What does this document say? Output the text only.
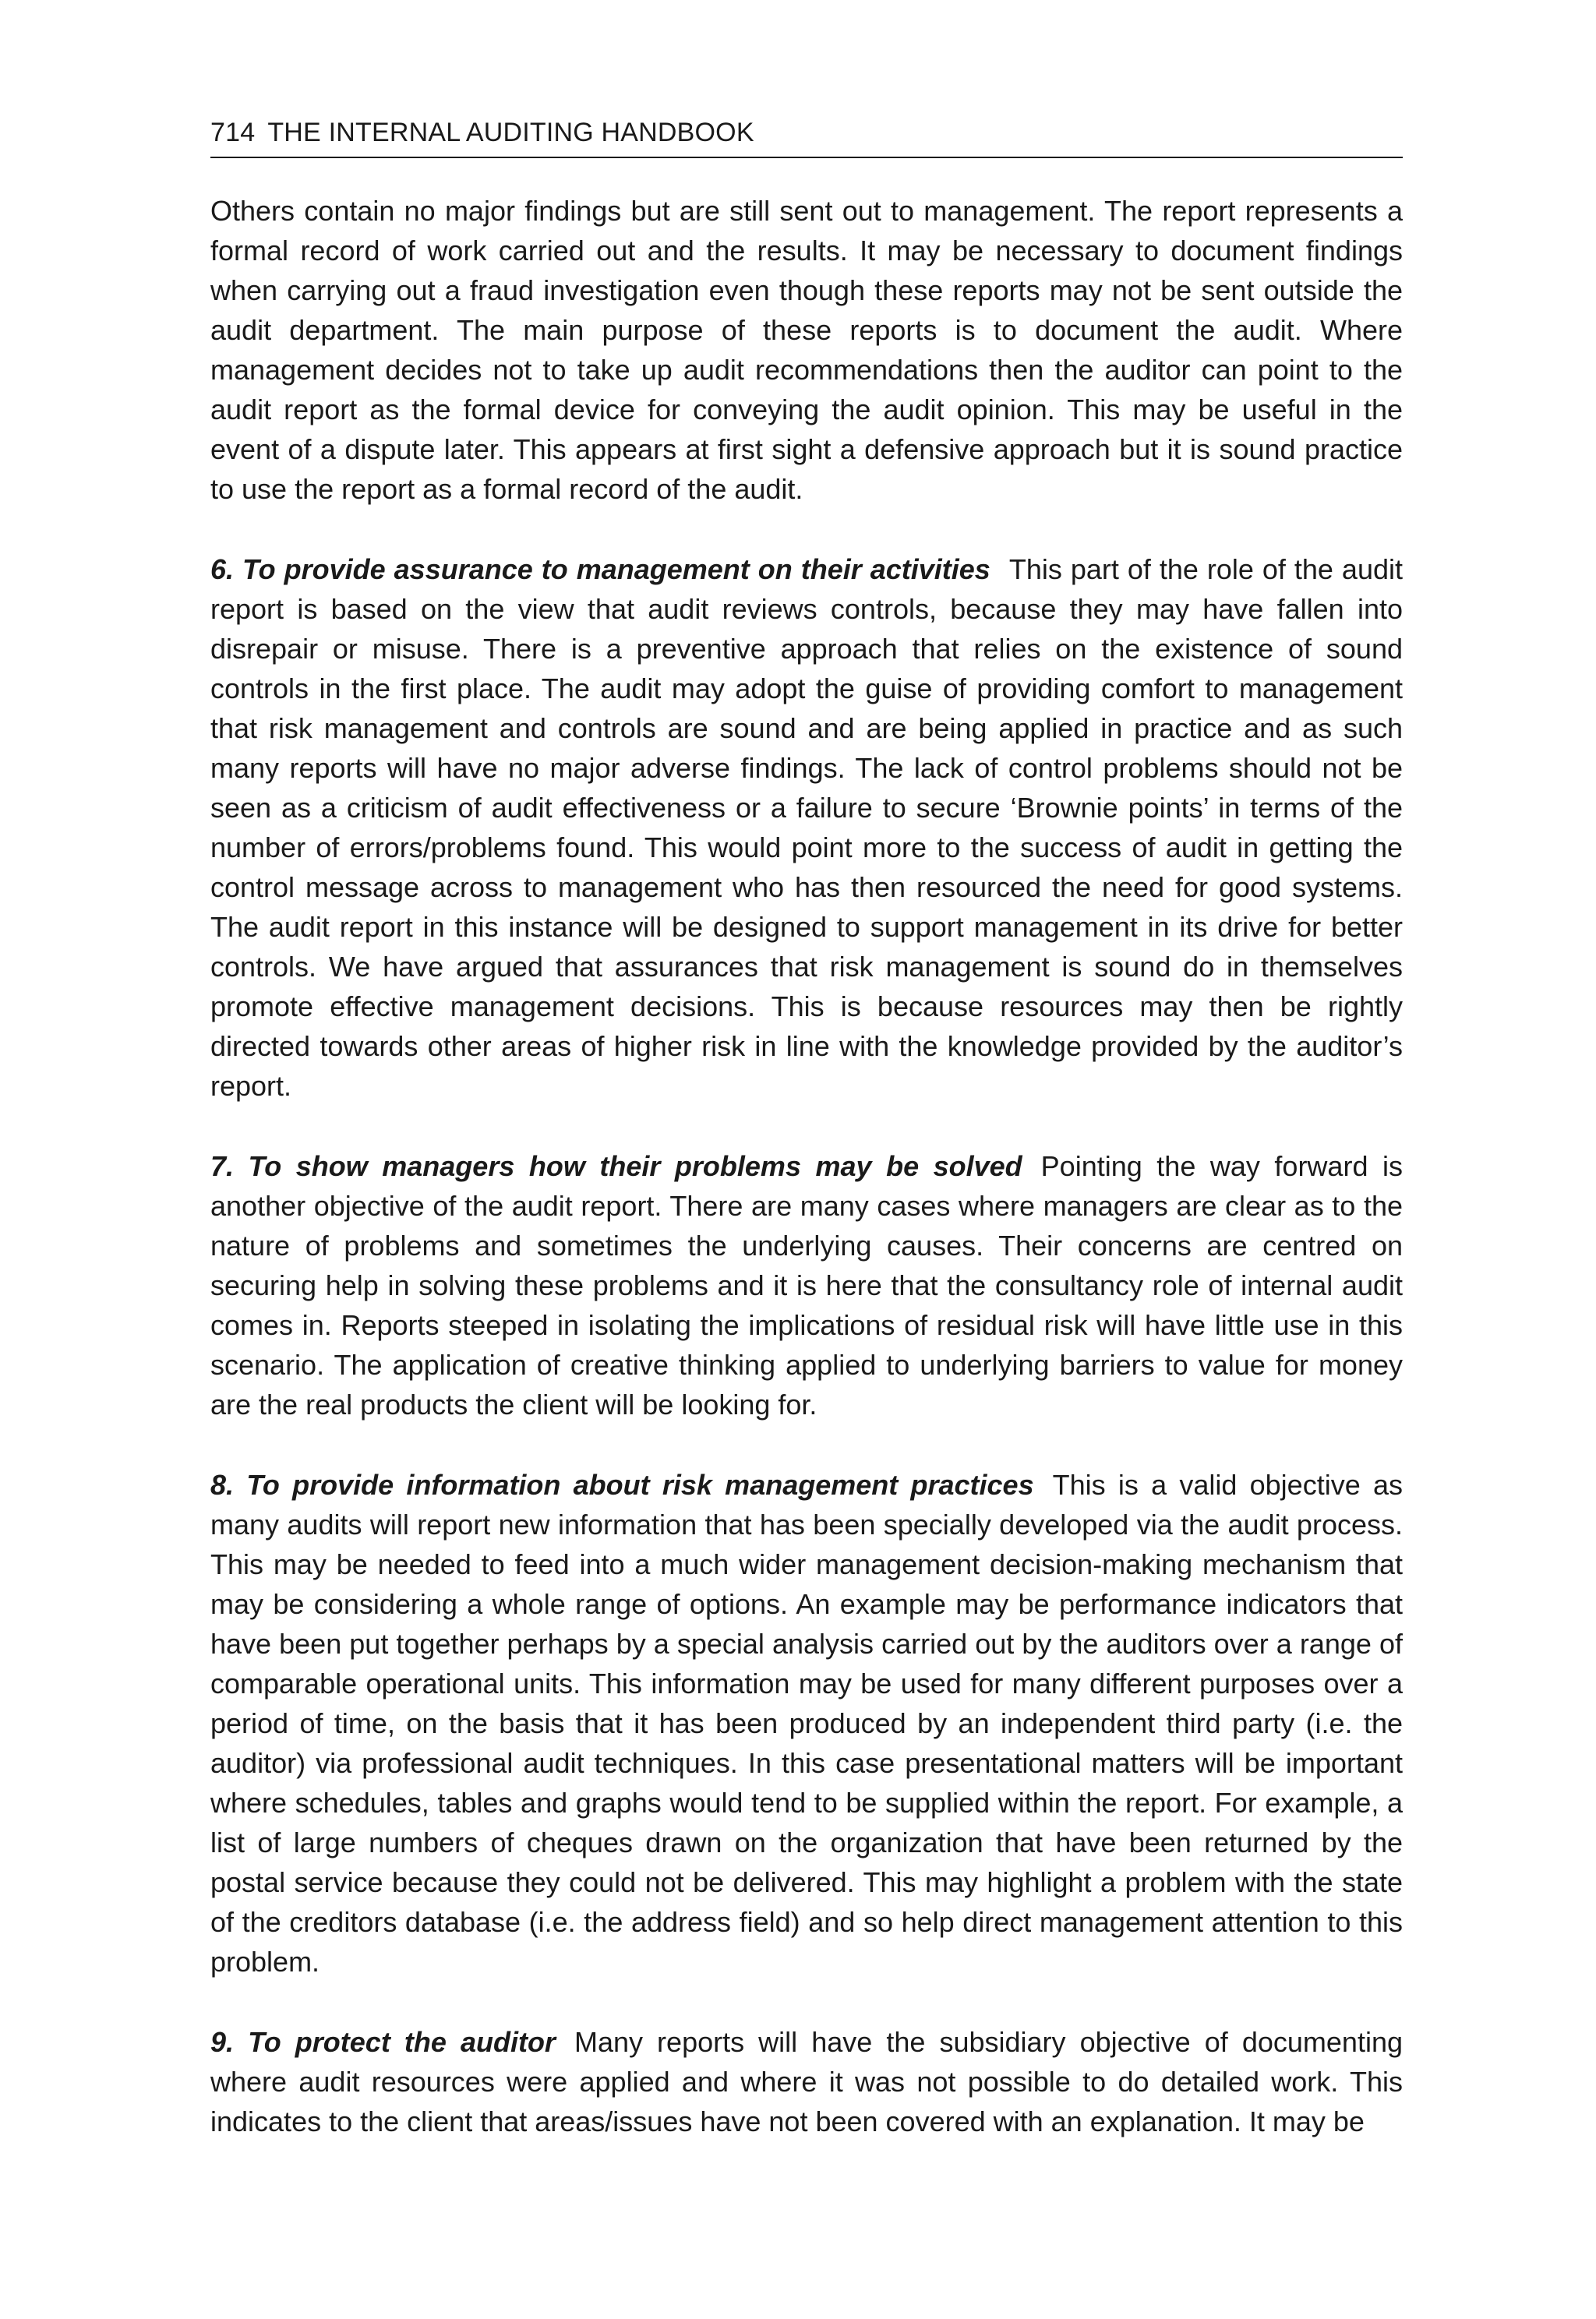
714 THE INTERNAL AUDITING HANDBOOK

Others contain no major findings but are still sent out to management. The report represents a formal record of work carried out and the results. It may be necessary to document findings when carrying out a fraud investigation even though these reports may not be sent outside the audit department. The main purpose of these reports is to document the audit. Where management decides not to take up audit recommendations then the auditor can point to the audit report as the formal device for conveying the audit opinion. This may be useful in the event of a dispute later. This appears at first sight a defensive approach but it is sound practice to use the report as a formal record of the audit.

6. To provide assurance to management on their activities This part of the role of the audit report is based on the view that audit reviews controls, because they may have fallen into disrepair or misuse. There is a preventive approach that relies on the existence of sound controls in the first place. The audit may adopt the guise of providing comfort to management that risk management and controls are sound and are being applied in practice and as such many reports will have no major adverse findings. The lack of control problems should not be seen as a criticism of audit effectiveness or a failure to secure ‘Brownie points’ in terms of the number of errors/problems found. This would point more to the success of audit in getting the control message across to management who has then resourced the need for good systems. The audit report in this instance will be designed to support management in its drive for better controls. We have argued that assurances that risk management is sound do in themselves promote effective management decisions. This is because resources may then be rightly directed towards other areas of higher risk in line with the knowledge provided by the auditor’s report.

7. To show managers how their problems may be solved Pointing the way forward is another objective of the audit report. There are many cases where managers are clear as to the nature of problems and sometimes the underlying causes. Their concerns are centred on securing help in solving these problems and it is here that the consultancy role of internal audit comes in. Reports steeped in isolating the implications of residual risk will have little use in this scenario. The application of creative thinking applied to underlying barriers to value for money are the real products the client will be looking for.

8. To provide information about risk management practices This is a valid objective as many audits will report new information that has been specially developed via the audit process. This may be needed to feed into a much wider management decision-making mechanism that may be considering a whole range of options. An example may be performance indicators that have been put together perhaps by a special analysis carried out by the auditors over a range of comparable operational units. This information may be used for many different purposes over a period of time, on the basis that it has been produced by an independent third party (i.e. the auditor) via professional audit techniques. In this case presentational matters will be important where schedules, tables and graphs would tend to be supplied within the report. For example, a list of large numbers of cheques drawn on the organization that have been returned by the postal service because they could not be delivered. This may highlight a problem with the state of the creditors database (i.e. the address field) and so help direct management attention to this problem.

9. To protect the auditor Many reports will have the subsidiary objective of documenting where audit resources were applied and where it was not possible to do detailed work. This indicates to the client that areas/issues have not been covered with an explanation. It may be
